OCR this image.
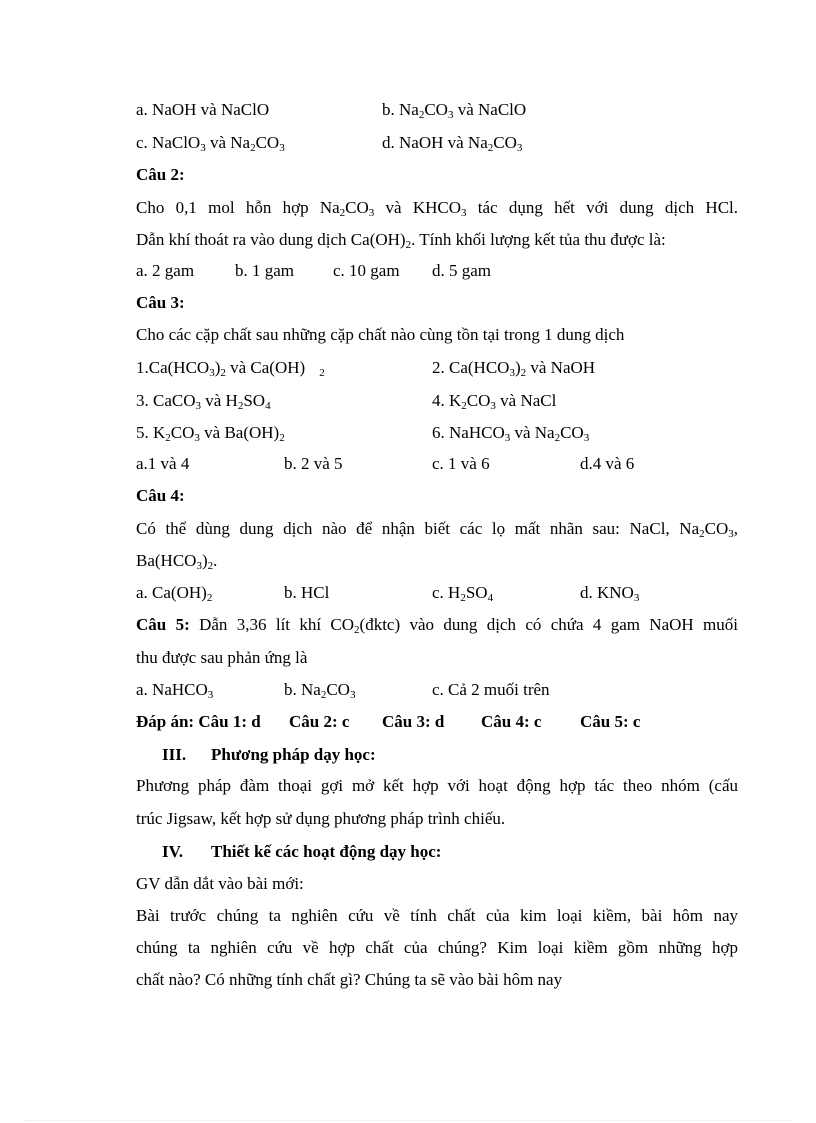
a. NaOH và NaClO	b. $Na_2CO_3$ và NaClO
c. NaClO$_3$ và $Na_2CO_3$	d. NaOH và $Na_2CO_3$
Câu 2:
Cho 0,1 mol hỗn hợp $Na_2CO_3$ và $KHCO_3$ tác dụng hết với dung dịch HCl.
Dẫn khí thoát ra vào dung dịch $Ca(OH)_2$. Tính khối lượng kết tủa thu được là:
a. 2 gam b. 1 gam c. 10 gam d. 5 gam
Câu 3:
Cho các cặp chất sau những cặp chất nào cùng tồn tại trong 1 dung dịch
$1.Ca(HCO_3)_2$ và Ca(OH) $_2$	2. $Ca(HCO_3)_2$ và NaOH
3. CaCO$_3$ và $H_2SO_4$	4. $K_2CO_3$ và NaCl
5. $K_2CO_3$ và $Ba(OH)_2$	6. NaHCO$_3$ và $Na_2CO_3$
a.1 và 4	b. 2 và 5	c. 1 và 6	d.4 và 6
Câu 4:
Có thể dùng dung dịch nào để nhận biết các lọ mất nhãn sau: NaCl, $Na_2CO_3$,
$Ba(HCO_3)_2$.
a. $Ca(OH)_2$	b. HCl	c. $H_2SO_4$	d. $KNO_3$
Câu 5: Dẫn 3,36 lít khí $CO_2(đktc)$ vào dung dịch có chứa 4 gam NaOH muối
thu được sau phản ứng là
a. NaHCO$_3$	b. $Na_2CO_3$	c. Cả 2 muối trên
Đáp án: Câu 1: d Câu 2: c Câu 3: d Câu 4: c Câu 5: c
III. Phương pháp dạy học:
Phương pháp đàm thoại gợi mở kết hợp với hoạt động hợp tác theo nhóm (cấu
trúc Jigsaw, kết hợp sử dụng phương pháp trình chiếu.
IV. Thiết kế các hoạt động dạy học:
GV dẫn dắt vào bài mới:
Bài trước chúng ta nghiên cứu về tính chất của kim loại kiềm, bài hôm nay
chúng ta nghiên cứu về hợp chất của chúng? Kim loại kiềm gồm những hợp
chất nào? Có những tính chất gì? Chúng ta sẽ vào bài hôm nay
